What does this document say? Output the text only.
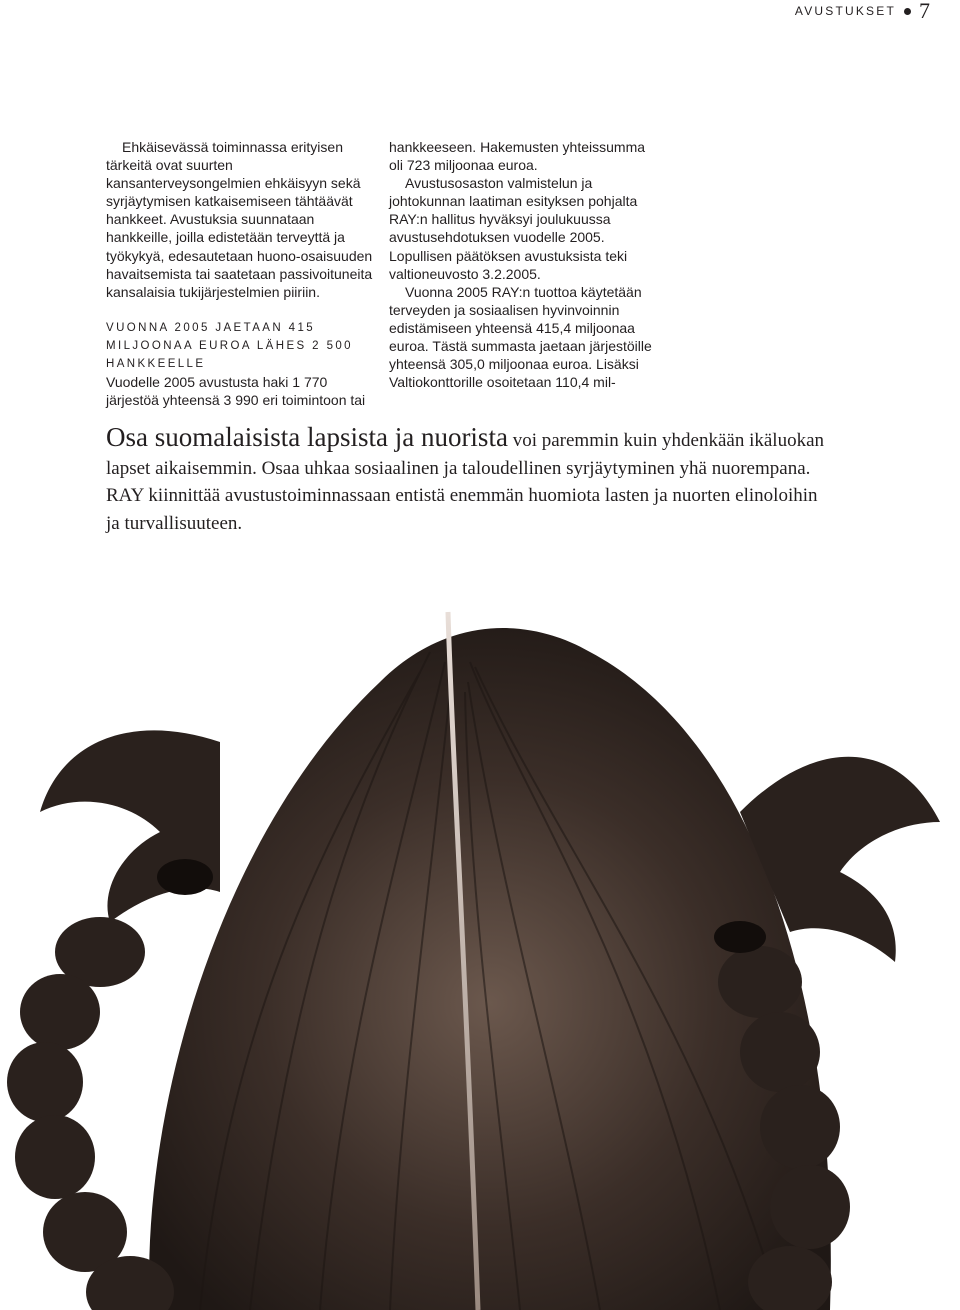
AVUSTUKSET 7

Ehkäisevässä toiminnassa erityisen tärkeitä ovat suurten kansanterveysongelmien ehkäisyyn sekä syrjäytymisen katkaisemiseen tähtäävät hankkeet. Avustuksia suunnataan hankkeille, joilla edistetään terveyttä ja työkykyä, edesautetaan huono-osaisuuden havaitsemista tai saatetaan passivoituneita kansalaisia tukijärjestelmien piiriin.

VUONNA 2005 JAETAAN 415 MILJOONAA EUROA LÄHES 2 500 HANKKEELLE

Vuodelle 2005 avustusta haki 1 770 järjestöä yhteensä 3 990 eri toimintoon tai

hankkeeseen. Hakemusten yhteissumma oli 723 miljoonaa euroa.

Avustusosaston valmistelun ja johtokunnan laatiman esityksen pohjalta RAY:n hallitus hyväksyi joulukuussa avustusehdotuksen vuodelle 2005. Lopullisen päätöksen avustuksista teki valtioneuvosto 3.2.2005.

Vuonna 2005 RAY:n tuottoa käytetään terveyden ja sosiaalisen hyvinvoinnin edistämiseen yhteensä 415,4 miljoonaa euroa. Tästä summasta jaetaan järjestöille yhteensä 305,0 miljoonaa euroa. Lisäksi Valtiokonttorille osoitetaan 110,4 mil-

Osa suomalaisista lapsista ja nuorista voi paremmin kuin yhdenkään ikäluokan lapset aikaisemmin. Osaa uhkaa sosiaalinen ja taloudellinen syrjäytyminen yhä nuorempana. RAY kiinnittää avustustoiminnassaan entistä enemmän huomiota lasten ja nuorten elinoloihin ja turvallisuuteen.
